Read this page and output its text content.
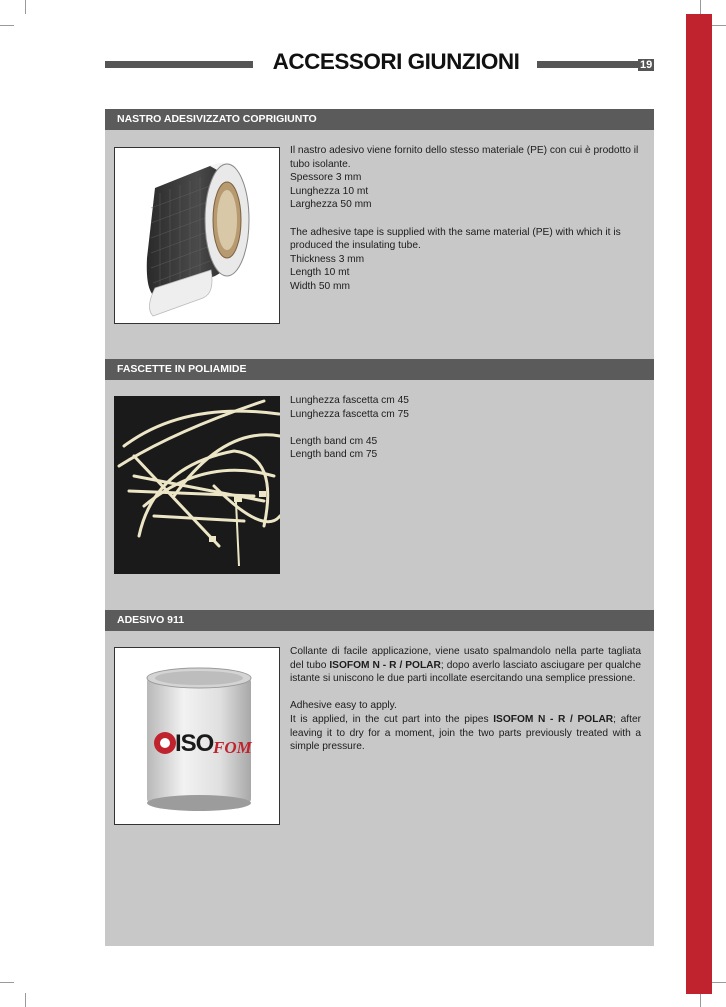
ACCESSORI GIUNZIONI	19
NASTRO ADESIVIZZATO COPRIGIUNTO

Il nastro adesivo viene fornito dello stesso materiale (PE) con cui è prodotto il tubo isolante.

Spessore 3 mm

Lunghezza 10 mt

Larghezza 50 mm

The adhesive tape is supplied with the same material (PE) with which it is produced the insulating tube.

Thickness 3 mm

Length 10 mt

Width 50 mm

FASCETTE IN POLIAMIDE

Lunghezza fascetta cm 45

Lunghezza fascetta cm 75

Length band cm 45

Length band cm 75

ADESIVO 911
ISO FOM

Collante di facile applicazione, viene usato spalmandolo nella parte tagliata del tubo ISOFOM N - R / POLAR; dopo averlo lasciato asciugare per qualche istante si uniscono le due parti incollate esercitando una semplice pressione.

Adhesive easy to apply.

It is applied, in the cut part into the pipes ISOFOM N - R / POLAR; after leaving it to dry for a moment, join the two parts previously treated with a simple pressure.
